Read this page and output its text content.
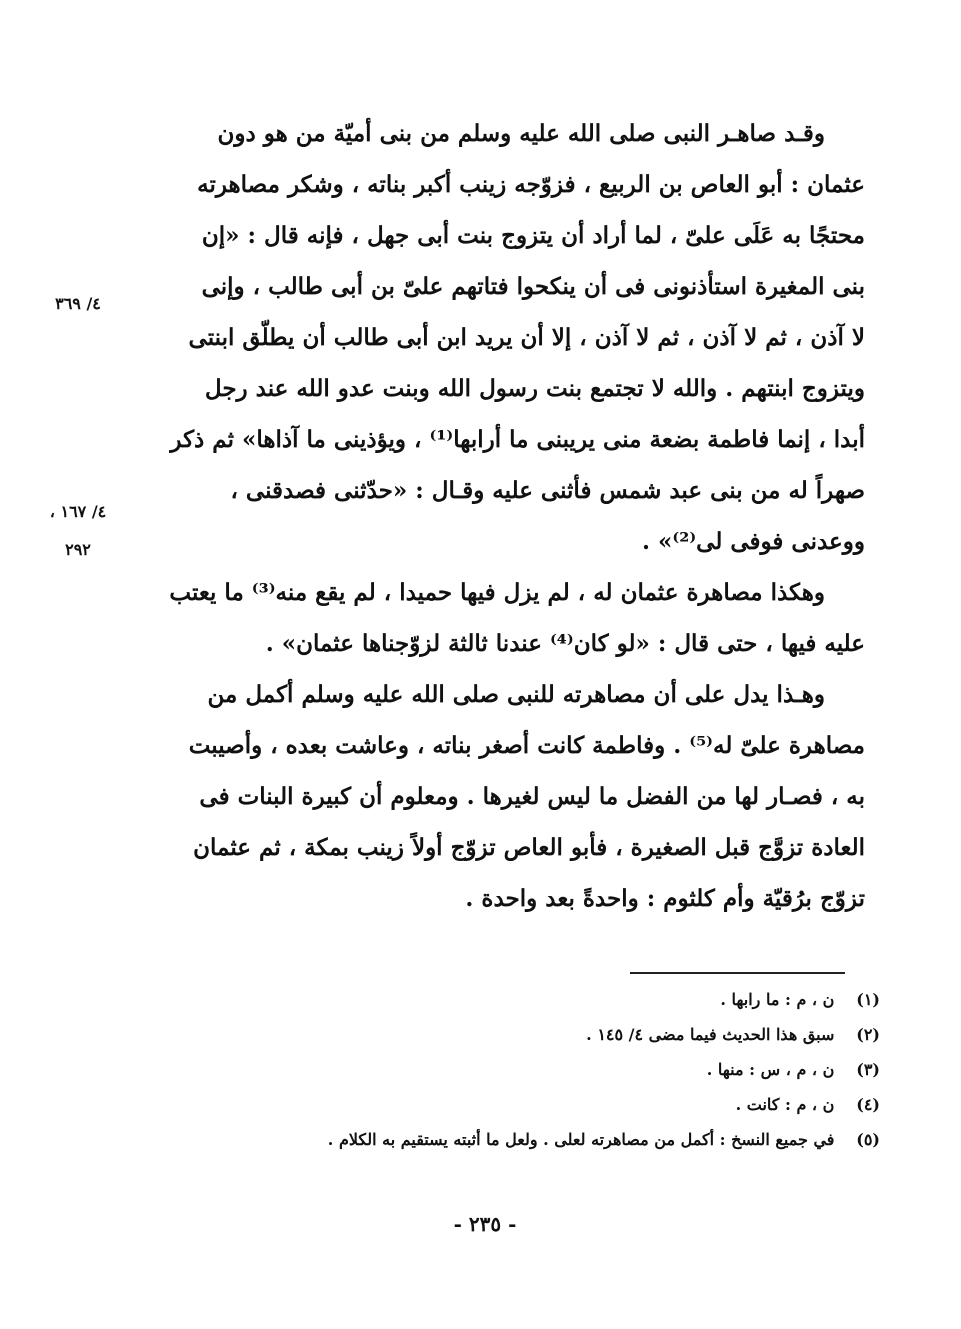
وقـد صاهـر النبى صلى الله عليه وسلم من بنى أميّة من هو دون
عثمان : أبو العاص بن الربيع ، فزوّجه زينب أكبر بناته ، وشكر مصاهرته
محتجًا به عَلَى علىّ ، لما أراد أن يتزوج بنت أبى جهل ، فإنه قال : «إن
بنى المغيرة استأذنونى فى أن ينكحوا فتاتهم علىّ بن أبى طالب ، وإنى
لا آذن ، ثم لا آذن ، ثم لا آذن ، إلا أن يريد ابن أبى طالب أن يطلّق ابنتى
ويتزوج ابنتهم . والله لا تجتمع بنت رسول الله وبنت عدو الله عند رجل
أبدا ، إنما فاطمة بضعة منى يريبنى ما أرابها⁽¹⁾ ، ويؤذينى ما آذاها» ثم ذكر
صهراً له من بنى عبد شمس فأثنى عليه وقـال : «حدّثنى فصدقنى ،
ووعدنى فوفى لى⁽²⁾» .
وهكذا مصاهرة عثمان له ، لم يزل فيها حميدا ، لم يقع منه⁽³⁾ ما يعتب
عليه فيها ، حتى قال : «لو كان⁽⁴⁾ عندنا ثالثة لزوّجناها عثمان» .
وهـذا يدل على أن مصاهرته للنبى صلى الله عليه وسلم أكمل من
مصاهرة علىّ له⁽⁵⁾ . وفاطمة كانت أصغر بناته ، وعاشت بعده ، وأصيبت
به ، فصـار لها من الفضل ما ليس لغيرها . ومعلوم أن كبيرة البنات فى
العادة تزوَّج قبل الصغيرة ، فأبو العاص تزوّج أولاً زينب بمكة ، ثم عثمان
تزوّج برُقيّة وأم كلثوم : واحدةً بعد واحدة .
٤/ ٣٦٩
٤/ ١٦٧ ،
٢٩٢
(١) ن ، م : ما رابها .
(٢) سبق هذا الحديث فيما مضى ٤/ ١٤٥ .
(٣) ن ، م ، س : منها .
(٤) ن ، م : كانت .
(٥) في جميع النسخ : أكمل من مصاهرته لعلى . ولعل ما أثبته يستقيم به الكلام .
- ٢٣٥ -
